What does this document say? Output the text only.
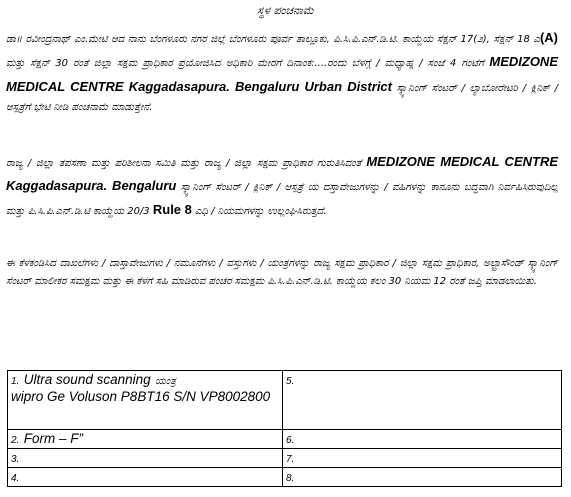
ಸ್ಥಳ ಪಂಚನಾಮೆ
ಡಾ॥ ರವೀಂದ್ರನಾಥ್ ಎಂ.ಮೇಟಿ ಆದ ನಾನು ಬೆಂಗಳೂರು ನಗರ ಜಿಲ್ಲೆ ಬೆಂಗಳೂರು ಪೂರ್ವ ತಾಲ್ಲೂಕು, ಪಿ.ಸಿ.ಪಿ.ಎನ್.ಡಿ.ಟಿ. ಕಾಯ್ದೆಯ ಸೆಕ್ಷನ್ 17(೨), ಸೆಕ್ಷನ್ 18 ಎ(A) ಮತ್ತು ಸೆಕ್ಷನ್ 30 ರಂತೆ ಜಿಲ್ಲಾ ಸಕ್ಷಮ ಪ್ರಾಧಿಕಾರ ಪ್ರಯೋಜಿಸಿದ ಅಧಿಕಾರಿ ಮೇರಗೆ ದಿನಾಂಕ:....ರಂದು ಬೆಳಗ್ಗೆ / ಮಧ್ಯಾಹ್ನ / ಸಂಜೆ 4 ಗಂಟೆಗೆ MEDIZONE MEDICAL CENTRE Kaggadasapura. Bengaluru Urban District ಸ್ಕ್ಯಾನಿಂಗ್ ಸೆಂಟರ್ / ಲ್ಯಾಬೋರೇಟರಿ / ಕ್ಲಿನಿಕ್ / ಆಸ್ಪತ್ರೆಗೆ ಭೇಟಿ ನೀಡಿ ಪಂಚನಾಮೆ ಮಾಡುತ್ತೇನೆ.
ರಾಜ್ಯ / ಜಿಲ್ಲಾ ತಪಸಣಾ ಮತ್ತು ಪರಿಶೀಲನಾ ಸಮಿತಿ ಮತ್ತು ರಾಜ್ಯ / ಜಿಲ್ಲಾ ಸಕ್ಷಮ ಪ್ರಾಧಿಕಾರ ಗುರುತಿಸಿದಂತೆ MEDIZONE MEDICAL CENTRE Kaggadasapura. Bengaluru ಸ್ಕ್ಯಾನಿಂಗ್ ಸೆಂಟರ್ / ಕ್ಲಿನಿಕ್ / ಆಸ್ಪತ್ರೆ ಯ ದಸ್ತಾವೇಜುಗಳನ್ನು / ವಹಿಗಳನ್ನು ಕಾನೂನು ಬದ್ಧವಾಗಿ ನಿರ್ವಹಿಸಿರುವುದಿಲ್ಲ ಮತ್ತು ಪಿ.ಸಿ.ಪಿ.ಎನ್.ಡಿ.ಟಿ ಕಾಯ್ದೆಯ 20/3 Rule 8 ಎಧಿ / ನಿಯಮಗಳನ್ನು ಉಲ್ಲಂಘಿಸಿರುತ್ತದೆ.
ಈ ಕೆಳಕಂಡಿಸಿದ ದಾಖಲೆಗಳು / ದಾಸ್ತಾವೇಜುಗಳು / ನಮೂನೆಗಳು / ವಸ್ತುಗಳು / ಯಂತ್ರಗಳನ್ನು ರಾಜ್ಯ ಸಕ್ಷಮ ಪ್ರಾಧಿಕಾರ / ಜಿಲ್ಲಾ ಸಕ್ಷಮ ಪ್ರಾಧಿಕಾರ, ಅಲ್ಟ್ರಾಸೌಂಡ್ ಸ್ಕ್ಯಾನಿಂಗ್ ಸೆಂಟರ್ ಮಾಲೀಕರ ಸಮಕ್ಷಮ ಮತ್ತು ಈ ಕೆಳಗೆ ಸಹಿ ಮಾಡಿರುವ ಪಂಚರ ಸಮಕ್ಷಮ ಪಿ.ಸಿ.ಪಿ.ಎನ್.ಡಿ.ಟಿ. ಕಾಯ್ದೆಯ ಕಲಂ 30 ನಿಯಮ 12 ರಂತೆ ಜಪ್ತಿ ಮಾಡಲಾಯಿತು.
1. Ultra sound scanning ಯಂತ್ರ
wipro Ge Voluson P8BT16 S/N VP8002800	5.
2. Form – F”	6.
3.	7.
4.	8.
